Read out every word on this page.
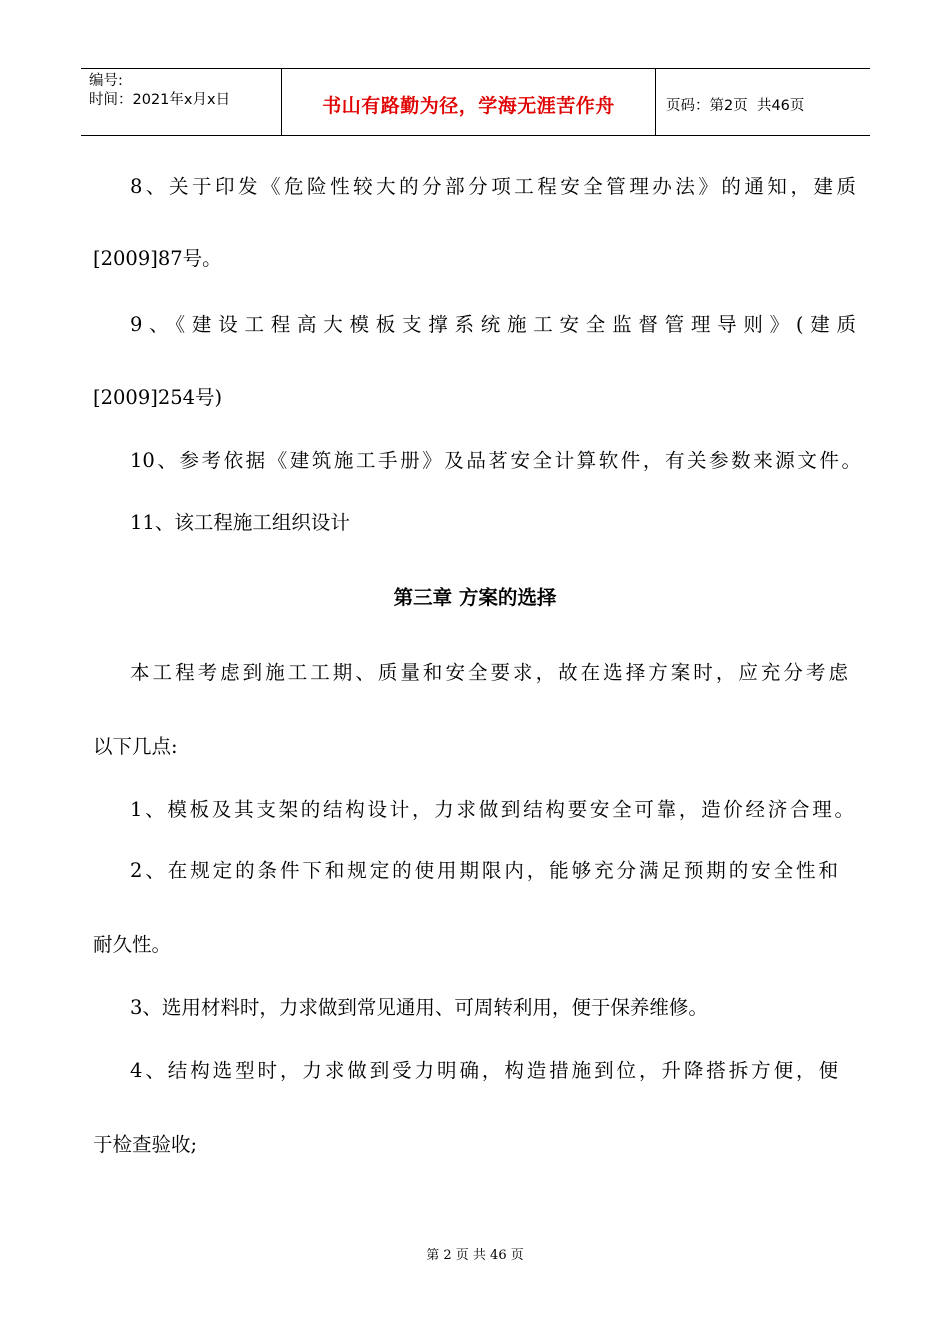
编号:
时间：2021年x月x日	书山有路勤为径，学海无涯苦作舟	页码：第2页  共46页
8、关于印发《危险性较大的分部分项工程安全管理办法》的通知，建质
[2009]87号。
9、《建设工程高大模板支撑系统施工安全监督管理导则》(建质
[2009]254号)
10、参考依据《建筑施工手册》及品茗安全计算软件，有关参数来源文件。
11、该工程施工组织设计
第三章 方案的选择
本工程考虑到施工工期、质量和安全要求，故在选择方案时，应充分考虑
以下几点:
1、模板及其支架的结构设计，力求做到结构要安全可靠，造价经济合理。
2、在规定的条件下和规定的使用期限内，能够充分满足预期的安全性和
耐久性。
3、选用材料时，力求做到常见通用、可周转利用，便于保养维修。
4、结构选型时，力求做到受力明确，构造措施到位，升降搭拆方便，便
于检查验收;
第 2 页 共 46 页
